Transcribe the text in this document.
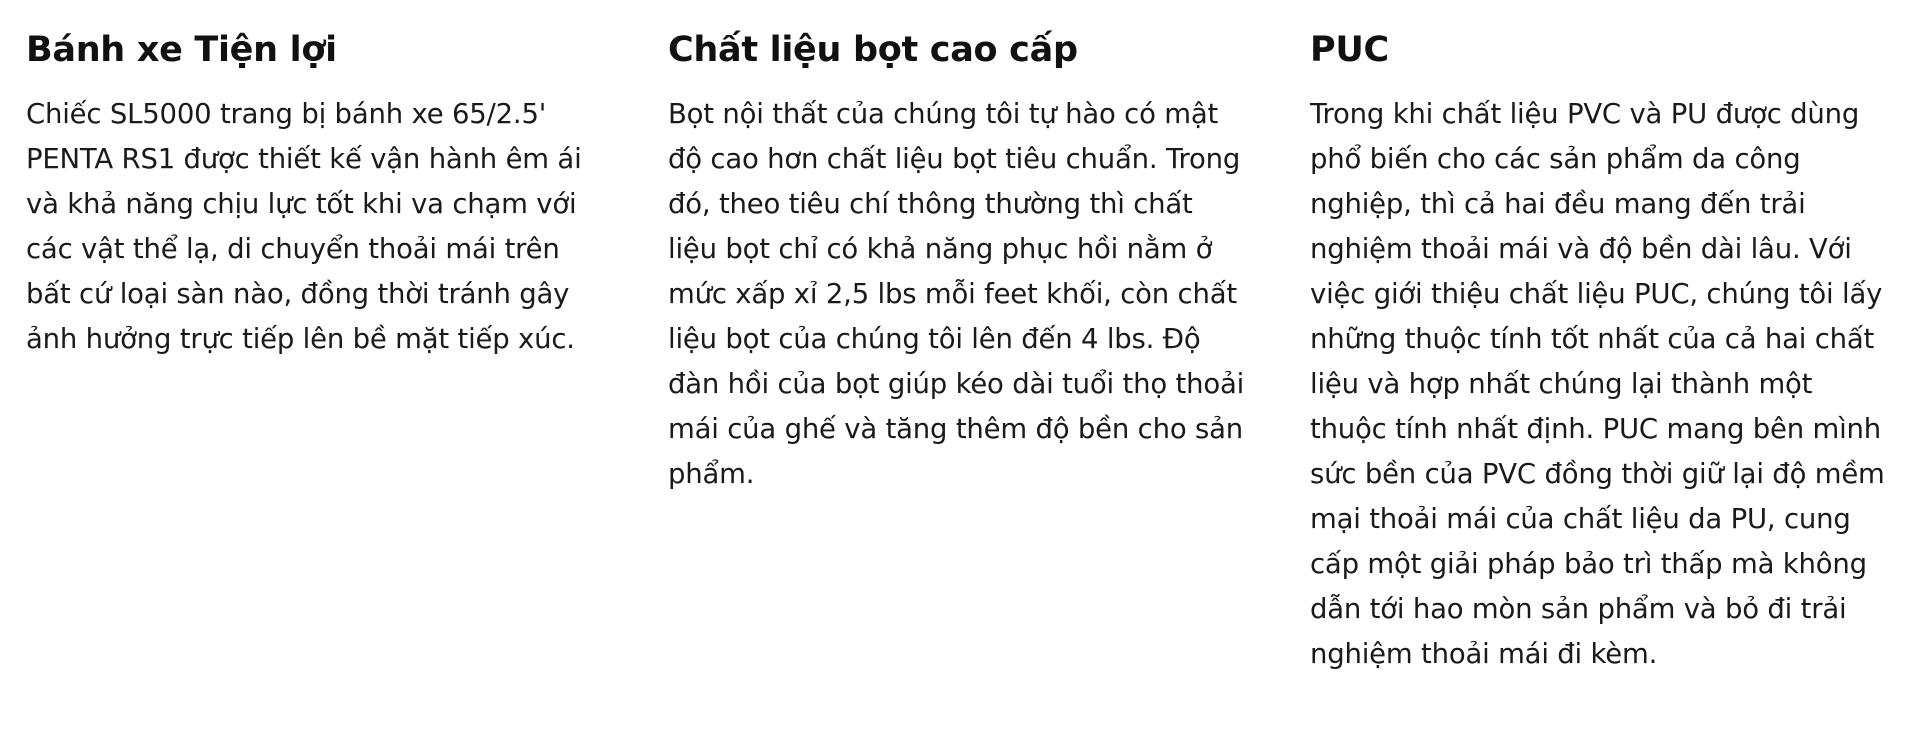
Bánh xe Tiện lợi

Chiếc SL5000 trang bị bánh xe 65/2.5' PENTA RS1 được thiết kế vận hành êm ái và khả năng chịu lực tốt khi va chạm với các vật thể lạ, di chuyển thoải mái trên bất cứ loại sàn nào, đồng thời tránh gây ảnh hưởng trực tiếp lên bề mặt tiếp xúc.

Chất liệu bọt cao cấp

Bọt nội thất của chúng tôi tự hào có mật độ cao hơn chất liệu bọt tiêu chuẩn. Trong đó, theo tiêu chí thông thường thì chất liệu bọt chỉ có khả năng phục hồi nằm ở mức xấp xỉ 2,5 lbs mỗi feet khối, còn chất liệu bọt của chúng tôi lên đến 4 lbs. Độ đàn hồi của bọt giúp kéo dài tuổi thọ thoải mái của ghế và tăng thêm độ bền cho sản phẩm.

PUC

Trong khi chất liệu PVC và PU được dùng phổ biến cho các sản phẩm da công nghiệp, thì cả hai đều mang đến trải nghiệm thoải mái và độ bền dài lâu. Với việc giới thiệu chất liệu PUC, chúng tôi lấy những thuộc tính tốt nhất của cả hai chất liệu và hợp nhất chúng lại thành một thuộc tính nhất định. PUC mang bên mình sức bền của PVC đồng thời giữ lại độ mềm mại thoải mái của chất liệu da PU, cung cấp một giải pháp bảo trì thấp mà không dẫn tới hao mòn sản phẩm và bỏ đi trải nghiệm thoải mái đi kèm.
